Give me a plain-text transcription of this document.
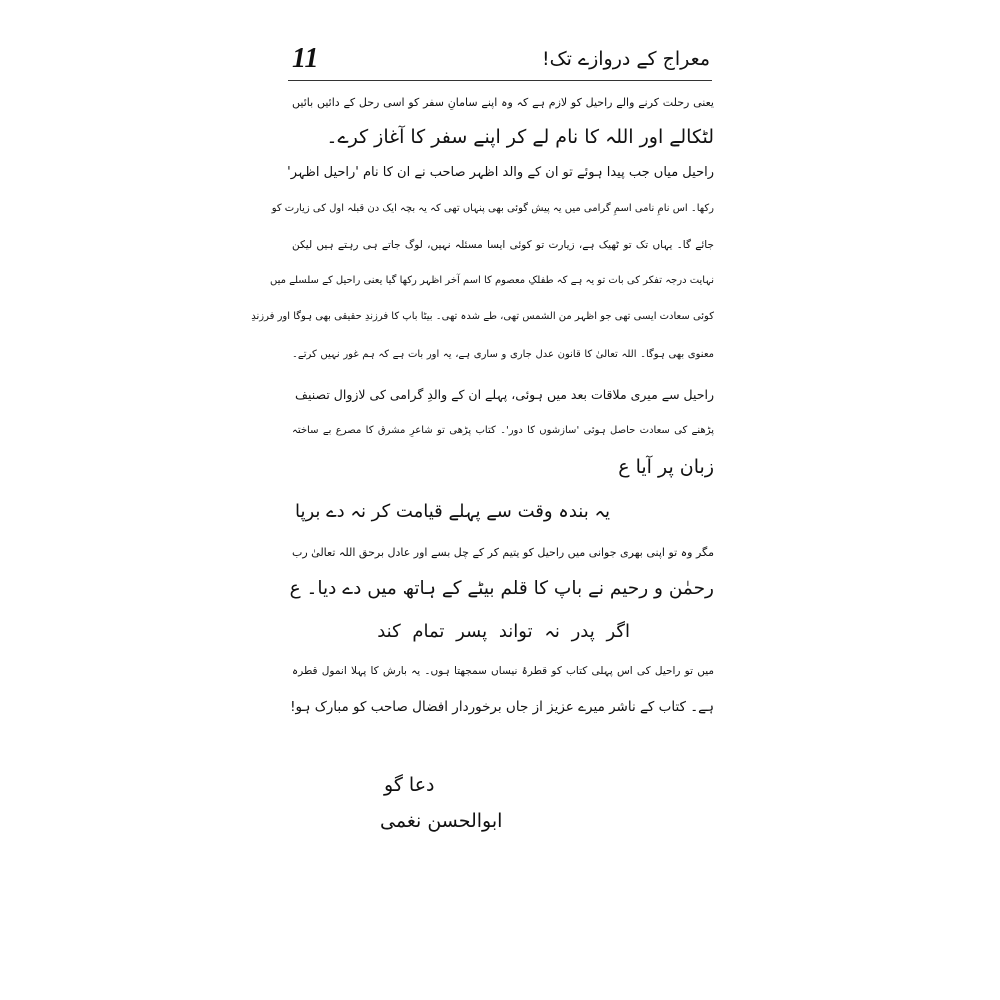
11	معراج کے دروازے تک!
یعنی رحلت کرنے والے راحیل کو لازم ہے کہ وہ اپنے سامانِ سفر کو اسی رحل کے دائیں بائیں
لٹکالے اور اللہ کا نام لے کر اپنے سفر کا آغاز کرے۔
راحیل میاں جب پیدا ہوئے تو ان کے والد اظہر صاحب نے ان کا نام 'راحیل اظہر'
رکھا۔ اس نامِ نامی اسمِ گرامی میں یہ پیش گوئی بھی پنہاں تھی کہ یہ بچہ ایک دن قبلہ اول کی زیارت کو
جائے گا۔ یہاں تک تو ٹھیک ہے، زیارت تو کوئی ایسا مسئلہ نہیں، لوگ جاتے ہی رہتے ہیں لیکن
نہایت درجہ تفکر کی بات تو یہ ہے کہ طفلکِ معصوم کا اسم آخر اظہر رکھا گیا یعنی راحیل کے سلسلے میں
کوئی سعادت ایسی تھی جو اظہر من الشمس تھی، طے شدہ تھی۔ بیٹا باپ کا فرزندِ حقیقی بھی ہوگا اور فرزندِ
معنوی بھی ہوگا۔ اللہ تعالیٰ کا قانون عدل جاری و ساری ہے، یہ اور بات ہے کہ ہم غور نہیں کرتے۔
راحیل سے میری ملاقات بعد میں ہوئی، پہلے ان کے والدِ گرامی کی لازوال تصنیف
پڑھنے کی سعادت حاصل ہوئی 'سازشوں کا دور'۔ کتاب پڑھی تو شاعرِ مشرق کا مصرع بے ساختہ
زبان پر آیا ع
یہ بندہ وقت سے پہلے قیامت کر نہ دے برپا
مگر وہ تو اپنی بھری جوانی میں راحیل کو یتیم کر کے چل بسے اور عادل برحق اللہ تعالیٰ رب
رحمٰن و رحیم نے باپ کا قلم بیٹے کے ہاتھ میں دے دیا۔ ع
اگر پدر نہ تواند پسر تمام کند
میں تو راحیل کی اس پہلی کتاب کو قطرۂ نیساں سمجھتا ہوں۔ یہ بارش کا پہلا انمول قطرہ
ہے۔ کتاب کے ناشر میرے عزیز از جاں برخوردار افضال صاحب کو مبارک ہو!
دعا گو
ابوالحسن نغمی
